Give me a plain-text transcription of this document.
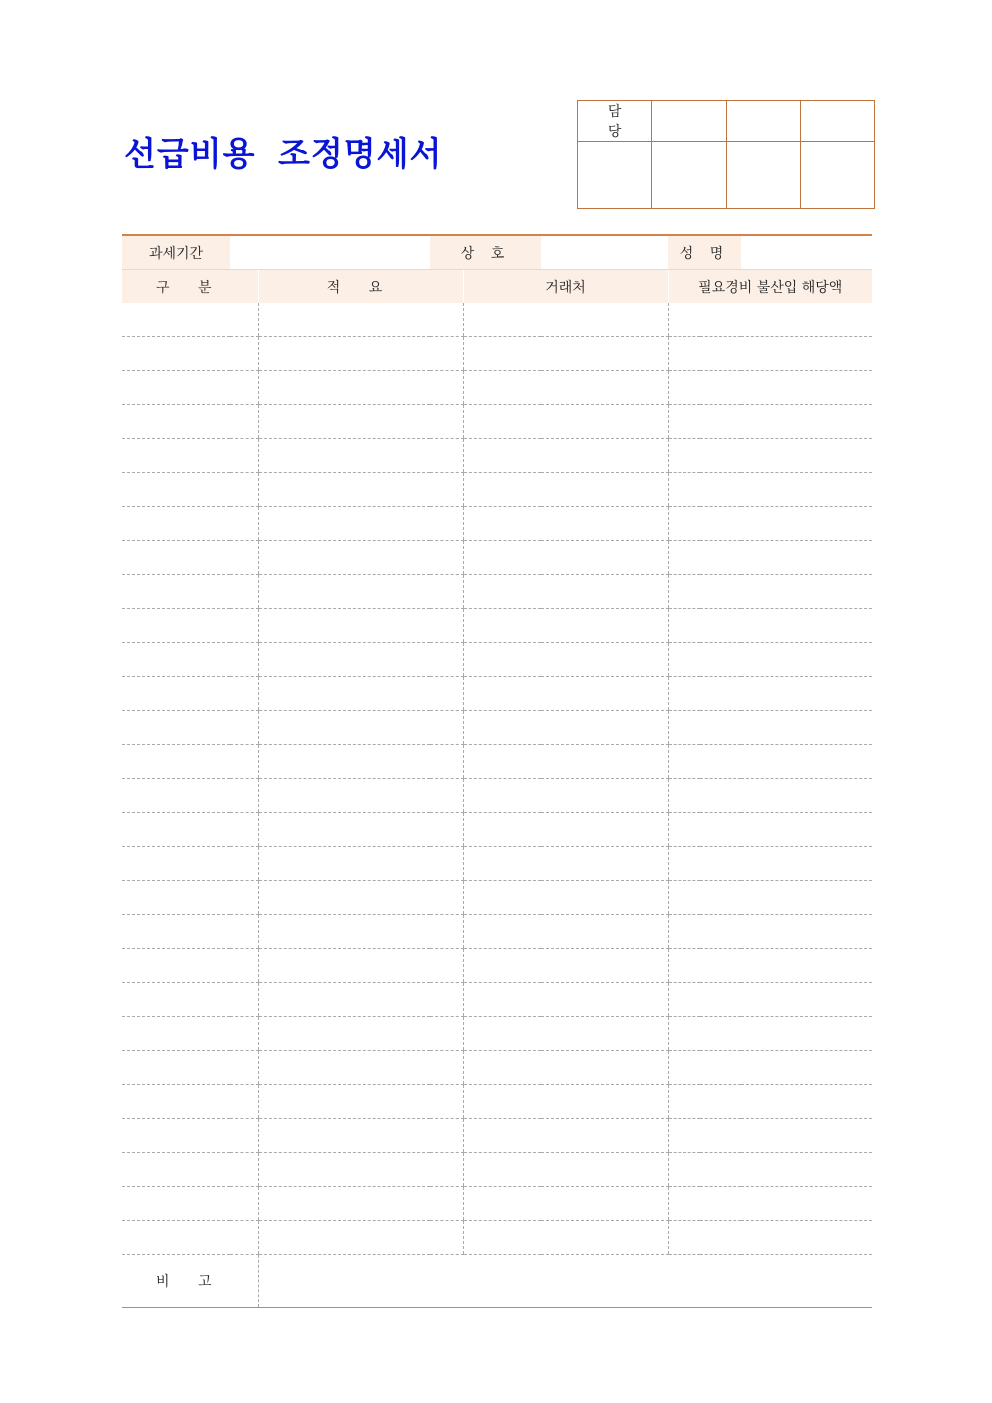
선급비용 조정명세서
담 당			

과세기간			상 호			성 명	
구 분		적 요		거래처		필요경비 불산입 해당액	

비 고							
